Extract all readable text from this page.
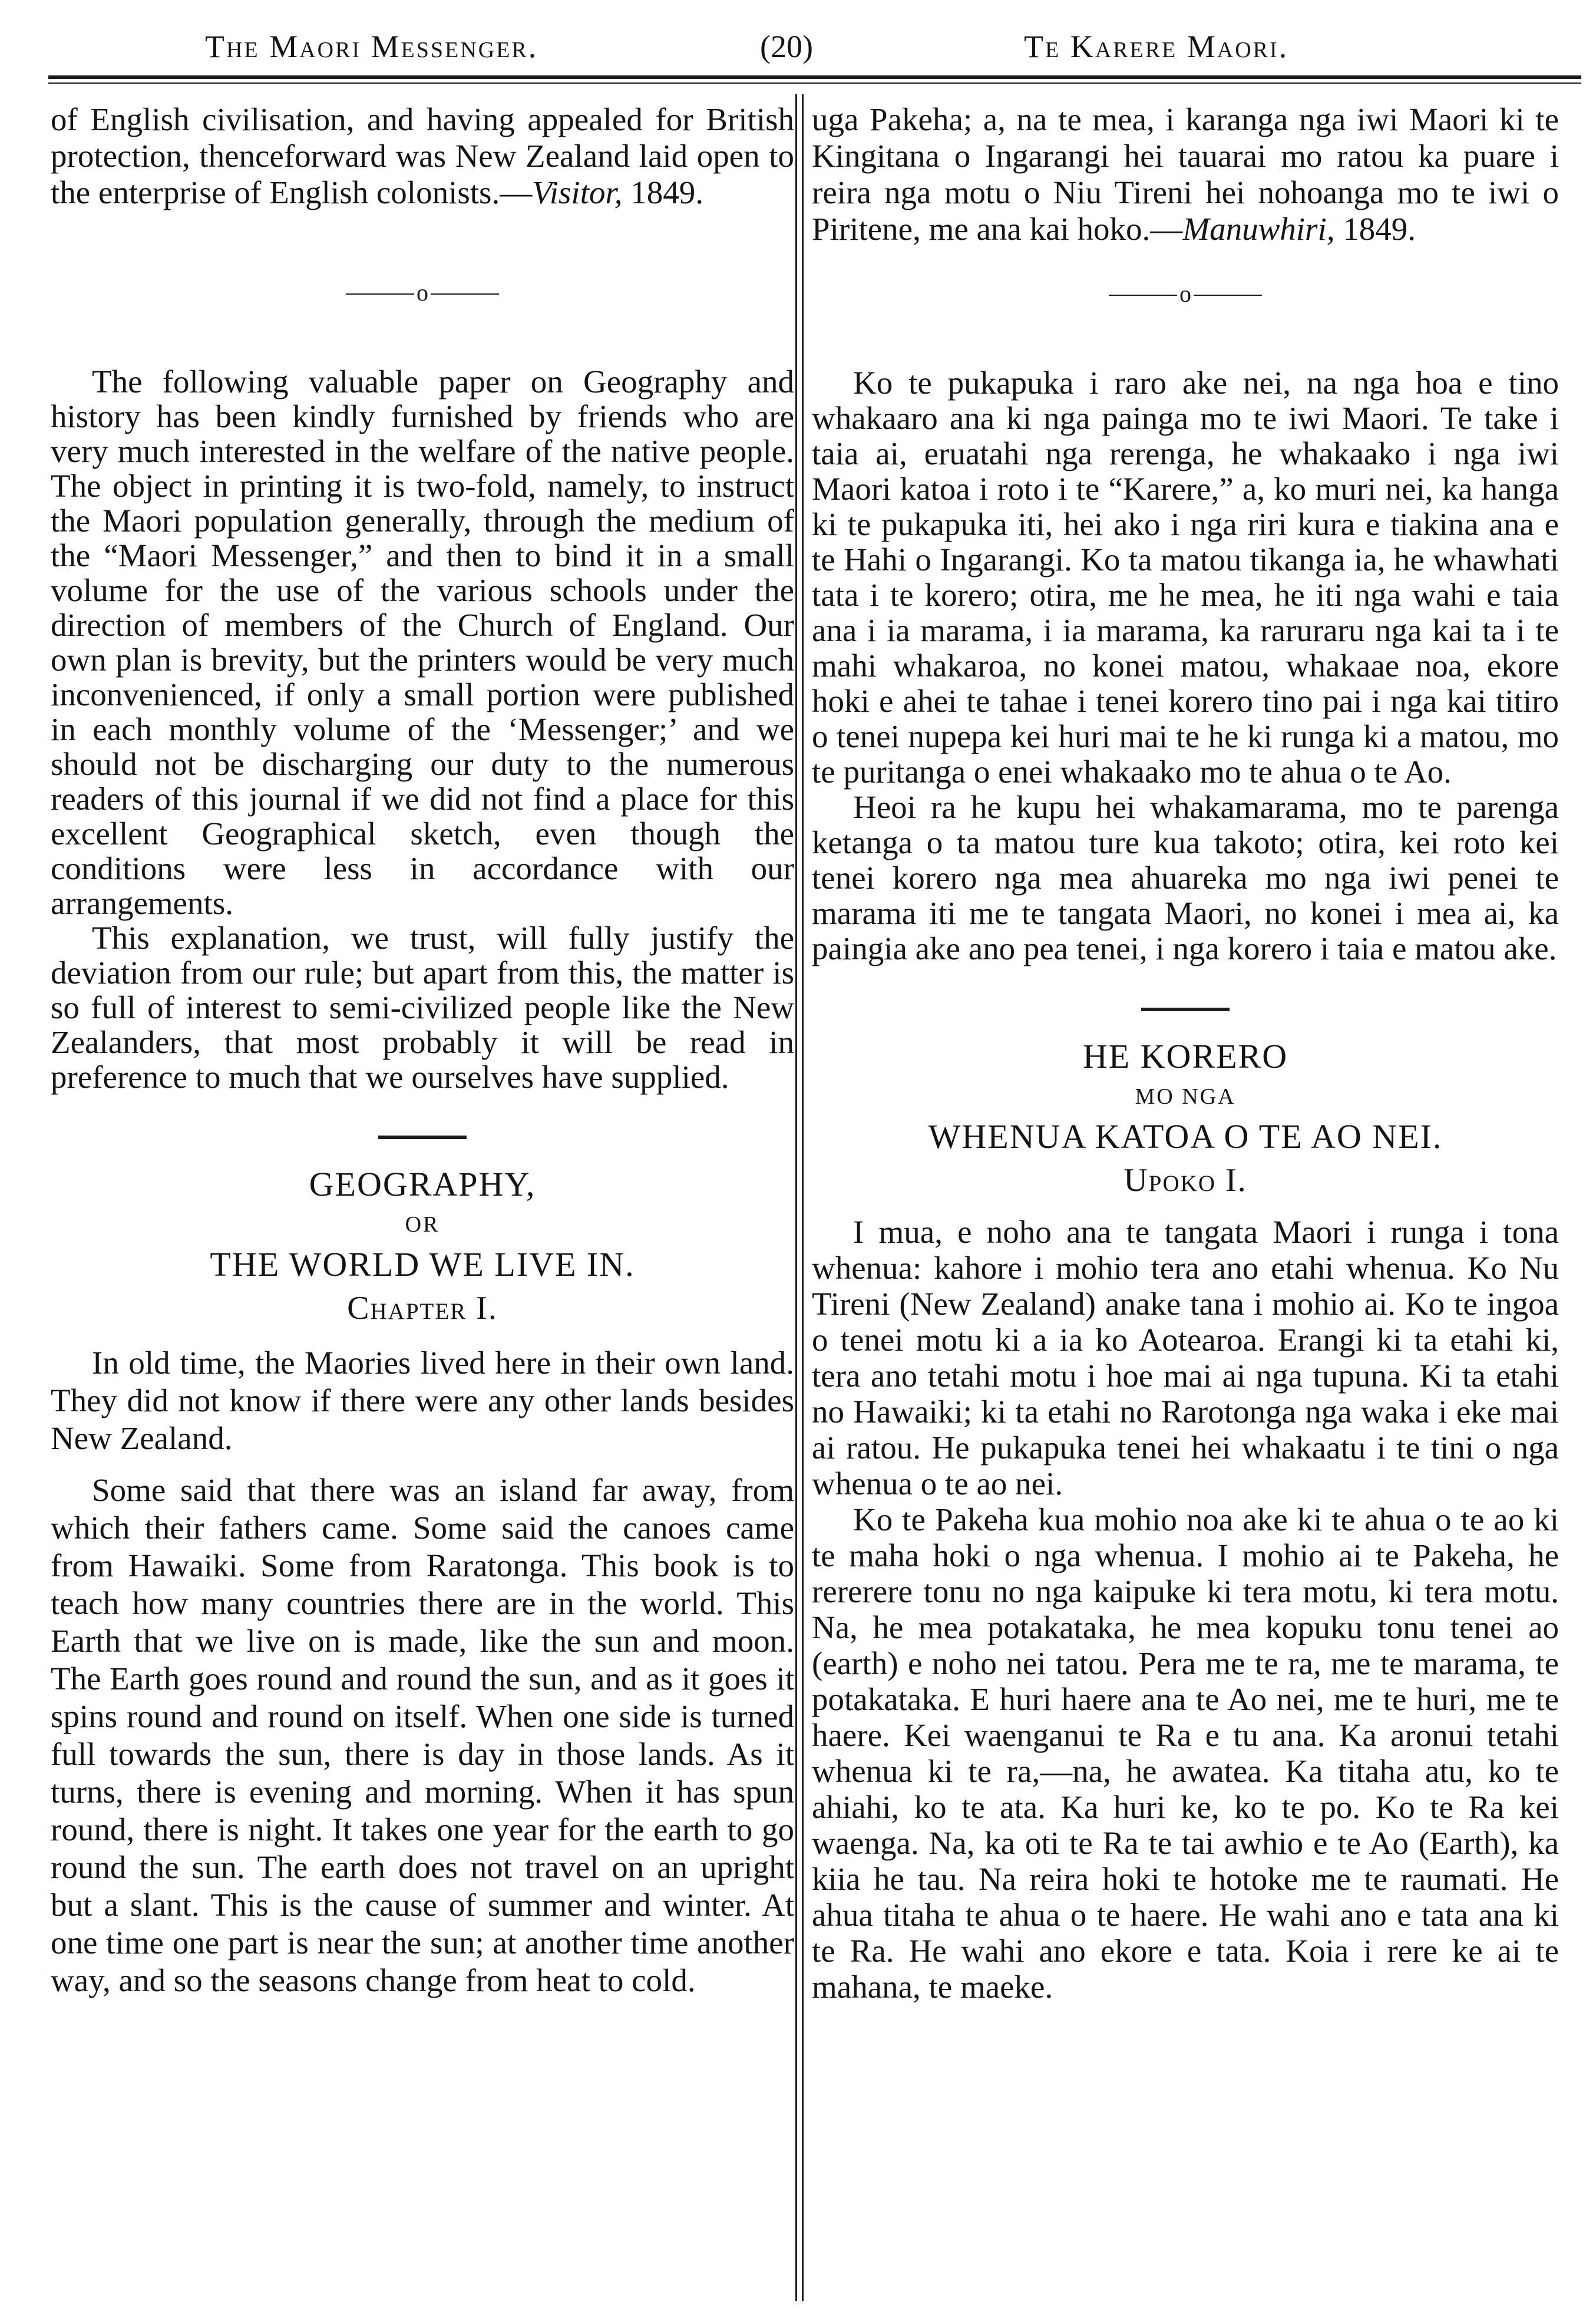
The Maori Messenger.	(20)	Te Karere Maori.

of English civilisation, and having appealed for British protection, thenceforward was New Zealand laid open to the enterprise of English colonists.—Visitor, 1849.

o

The following valuable paper on Geography and history has been kindly furnished by friends who are very much interested in the welfare of the native people. The object in printing it is two-fold, namely, to instruct the Maori population generally, through the medium of the “Maori Messenger,” and then to bind it in a small volume for the use of the various schools under the direction of members of the Church of England. Our own plan is brevity, but the printers would be very much inconvenienced, if only a small portion were published in each monthly volume of the ‘Messenger;’ and we should not be discharging our duty to the numerous readers of this journal if we did not find a place for this excellent Geographical sketch, even though the conditions were less in accordance with our arrangements.

This explanation, we trust, will fully justify the deviation from our rule; but apart from this, the matter is so full of interest to semi-civilized people like the New Zealanders, that most probably it will be read in preference to much that we ourselves have supplied.

GEOGRAPHY,
OR
THE WORLD WE LIVE IN.
Chapter I.

In old time, the Maories lived here in their own land. They did not know if there were any other lands besides New Zealand.

Some said that there was an island far away, from which their fathers came. Some said the canoes came from Hawaiki. Some from Raratonga. This book is to teach how many countries there are in the world. This Earth that we live on is made, like the sun and moon. The Earth goes round and round the sun, and as it goes it spins round and round on itself. When one side is turned full towards the sun, there is day in those lands. As it turns, there is evening and morning. When it has spun round, there is night. It takes one year for the earth to go round the sun. The earth does not travel on an upright but a slant. This is the cause of summer and winter. At one time one part is near the sun; at another time another way, and so the seasons change from heat to cold.

uga Pakeha; a, na te mea, i karanga nga iwi Maori ki te Kingitana o Ingarangi hei tauarai mo ratou ka puare i reira nga motu o Niu Tireni hei nohoanga mo te iwi o Piritene, me ana kai hoko.—Manuwhiri, 1849.

o

Ko te pukapuka i raro ake nei, na nga hoa e tino whakaaro ana ki nga painga mo te iwi Maori. Te take i taia ai, eruatahi nga rerenga, he whakaako i nga iwi Maori katoa i roto i te “Karere,” a, ko muri nei, ka hanga ki te pukapuka iti, hei ako i nga riri kura e tiakina ana e te Hahi o Ingarangi. Ko ta matou tikanga ia, he whawhati tata i te korero; otira, me he mea, he iti nga wahi e taia ana i ia marama, i ia marama, ka raruraru nga kai ta i te mahi whakaroa, no konei matou, whakaae noa, ekore hoki e ahei te tahae i tenei korero tino pai i nga kai titiro o tenei nupepa kei huri mai te he ki runga ki a matou, mo te puritanga o enei whakaako mo te ahua o te Ao.

Heoi ra he kupu hei whakamarama, mo te parenga ketanga o ta matou ture kua takoto; otira, kei roto kei tenei korero nga mea ahuareka mo nga iwi penei te marama iti me te tangata Maori, no konei i mea ai, ka paingia ake ano pea tenei, i nga korero i taia e matou ake.

HE KORERO
MO NGA
WHENUA KATOA O TE AO NEI.
Upoko I.

I mua, e noho ana te tangata Maori i runga i tona whenua: kahore i mohio tera ano etahi whenua. Ko Nu Tireni (New Zealand) anake tana i mohio ai. Ko te ingoa o tenei motu ki a ia ko Aotearoa. Erangi ki ta etahi ki, tera ano tetahi motu i hoe mai ai nga tupuna. Ki ta etahi no Hawaiki; ki ta etahi no Rarotonga nga waka i eke mai ai ratou. He pukapuka tenei hei whakaatu i te tini o nga whenua o te ao nei.

Ko te Pakeha kua mohio noa ake ki te ahua o te ao ki te maha hoki o nga whenua. I mohio ai te Pakeha, he rererere tonu no nga kaipuke ki tera motu, ki tera motu. Na, he mea potakataka, he mea kopuku tonu tenei ao (earth) e noho nei tatou. Pera me te ra, me te marama, te potakataka. E huri haere ana te Ao nei, me te huri, me te haere. Kei waenganui te Ra e tu ana. Ka aronui tetahi whenua ki te ra,—na, he awatea. Ka titaha atu, ko te ahiahi, ko te ata. Ka huri ke, ko te po. Ko te Ra kei waenga. Na, ka oti te Ra te tai awhio e te Ao (Earth), ka kiia he tau. Na reira hoki te hotoke me te raumati. He ahua titaha te ahua o te haere. He wahi ano e tata ana ki te Ra. He wahi ano ekore e tata. Koia i rere ke ai te mahana, te maeke.
